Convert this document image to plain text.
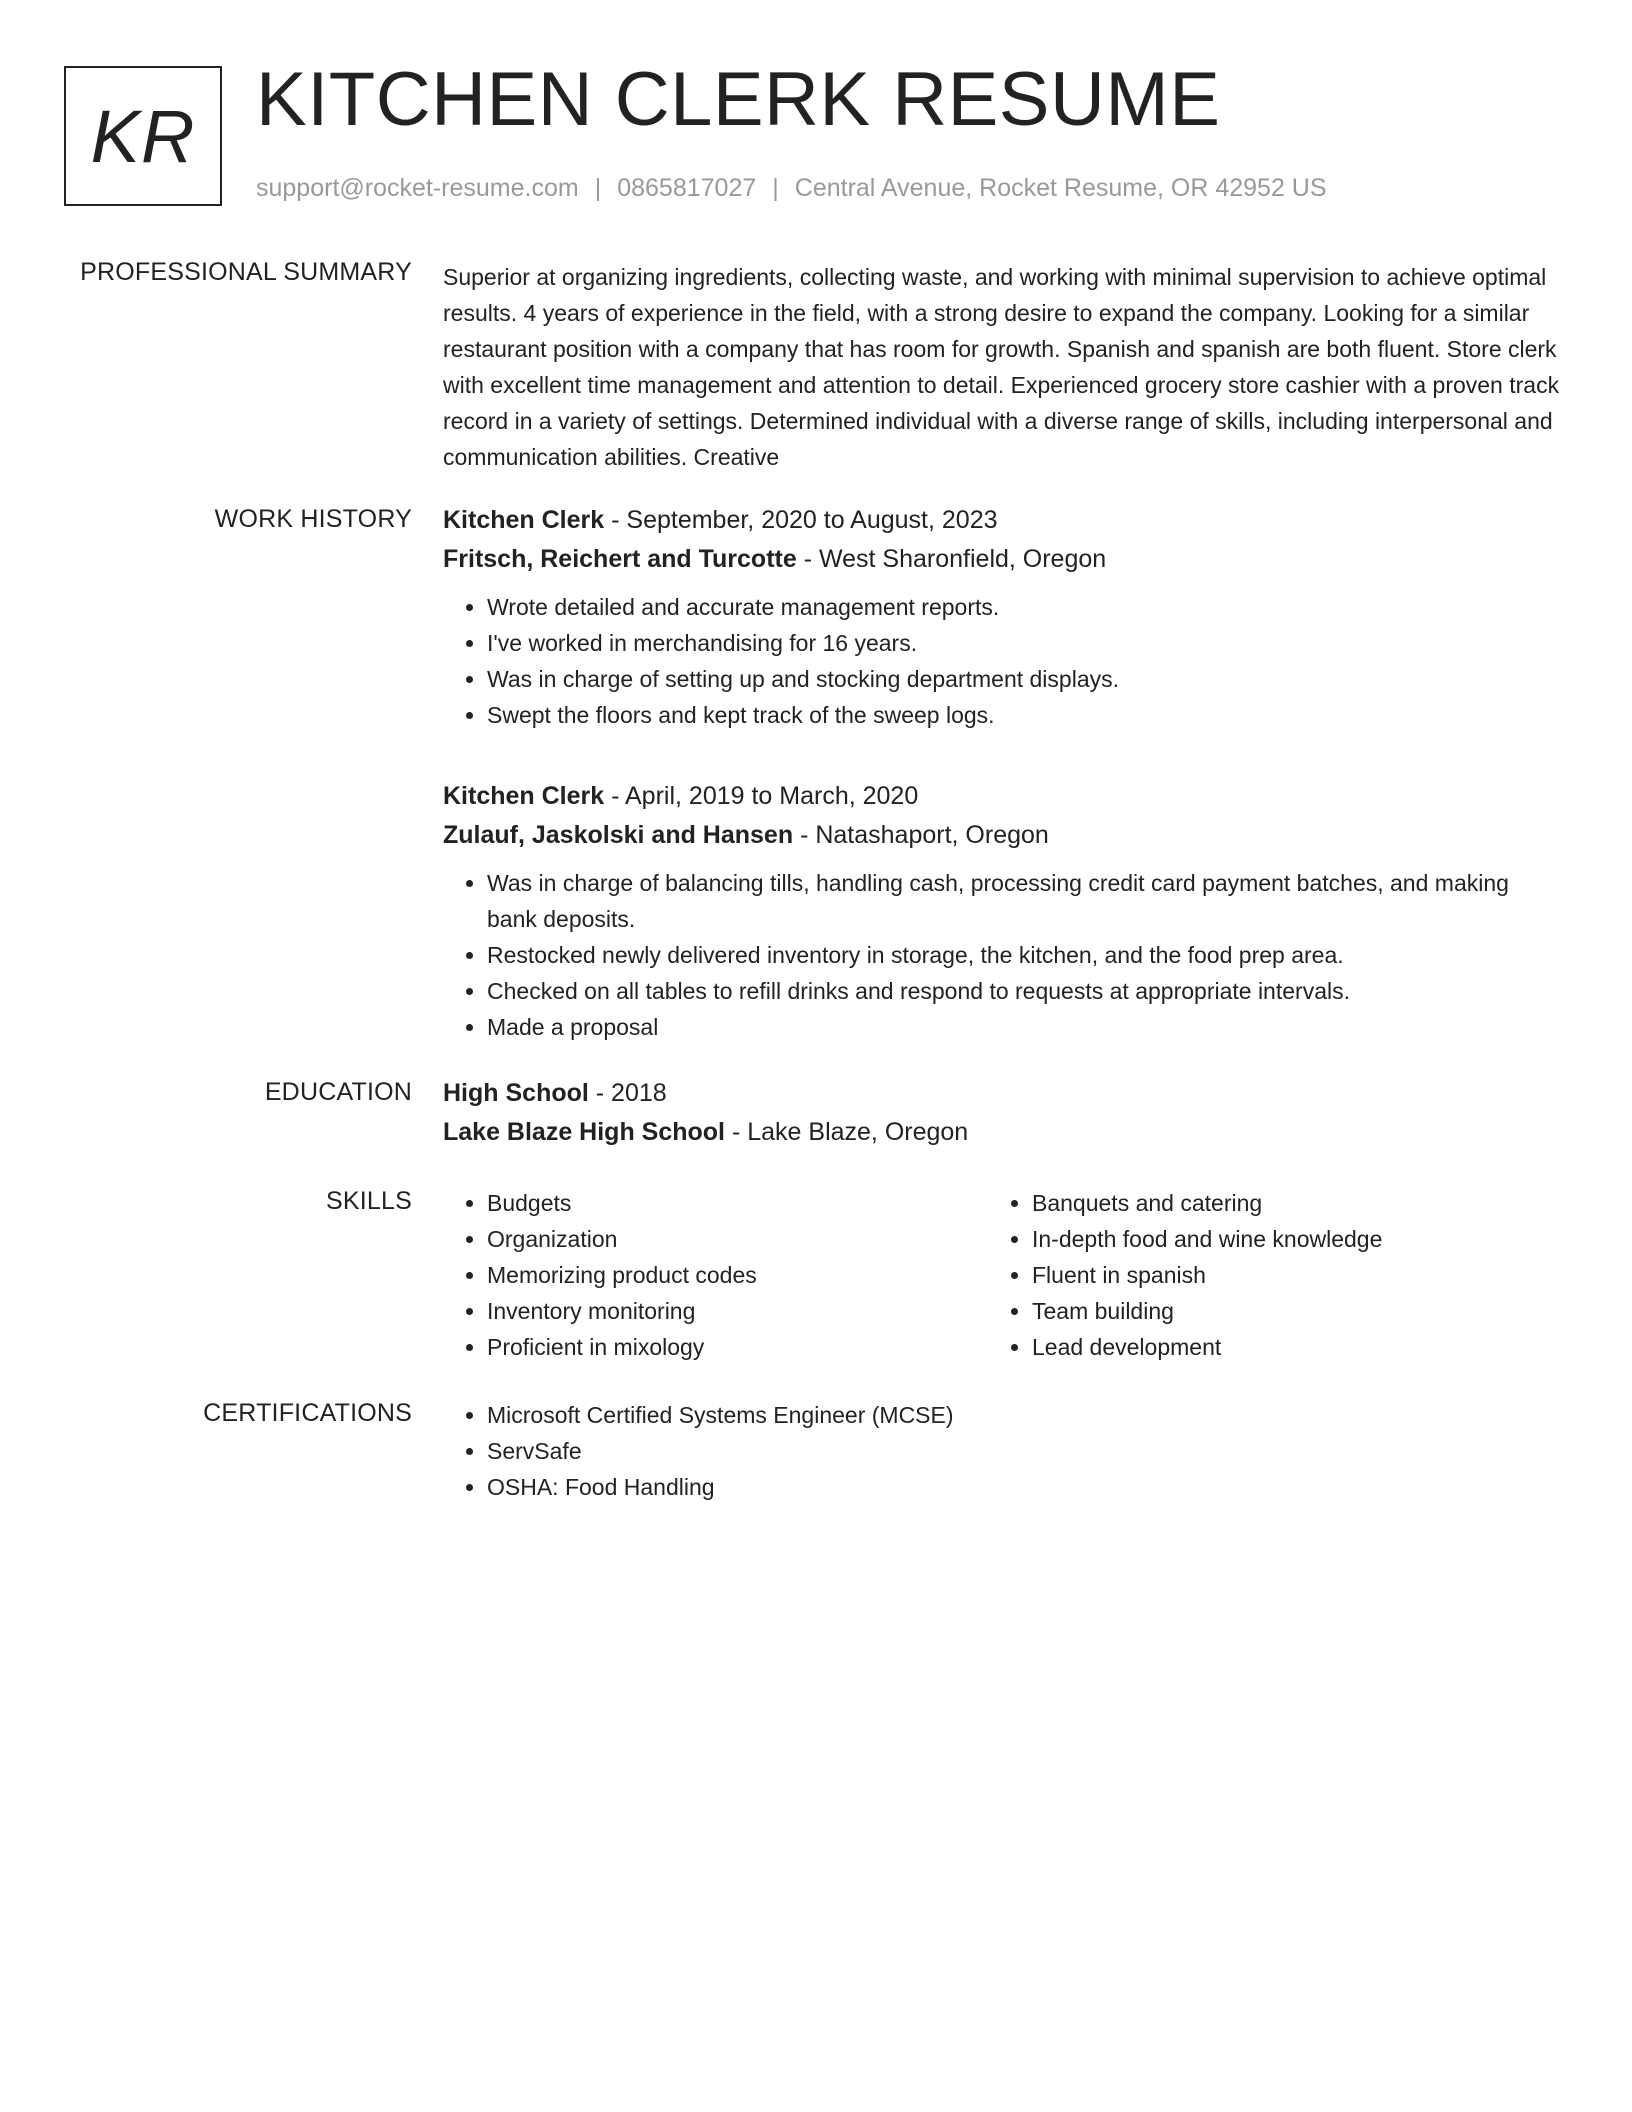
KR KITCHEN CLERK RESUME
support@rocket-resume.com | 0865817027 | Central Avenue, Rocket Resume, OR 42952 US
PROFESSIONAL SUMMARY Superior at organizing ingredients, collecting waste, and working with minimal supervision to achieve optimal results. 4 years of experience in the field, with a strong desire to expand the company. Looking for a similar restaurant position with a company that has room for growth. Spanish and spanish are both fluent. Store clerk with excellent time management and attention to detail. Experienced grocery store cashier with a proven track record in a variety of settings. Determined individual with a diverse range of skills, including interpersonal and communication abilities. Creative

WORK HISTORY Kitchen Clerk - September, 2020 to August, 2023
Fritsch, Reichert and Turcotte - West Sharonfield, Oregon
• Wrote detailed and accurate management reports.
• I've worked in merchandising for 16 years.
• Was in charge of setting up and stocking department displays.
• Swept the floors and kept track of the sweep logs.
Kitchen Clerk - April, 2019 to March, 2020
Zulauf, Jaskolski and Hansen - Natashaport, Oregon
• Was in charge of balancing tills, handling cash, processing credit card payment batches, and making bank deposits.
• Restocked newly delivered inventory in storage, the kitchen, and the food prep area.
• Checked on all tables to refill drinks and respond to requests at appropriate intervals.
• Made a proposal
EDUCATION High School - 2018
Lake Blaze High School - Lake Blaze, Oregon
SKILLS	• Budgets
• Organization
• Memorizing product codes
• Inventory monitoring
• Proficient in mixology
• Banquets and catering
• In-depth food and wine knowledge
• Fluent in spanish
• Team building
• Lead development
CERTIFICATIONS	• Microsoft Certified Systems Engineer (MCSE)
• ServSafe
• OSHA: Food Handling
